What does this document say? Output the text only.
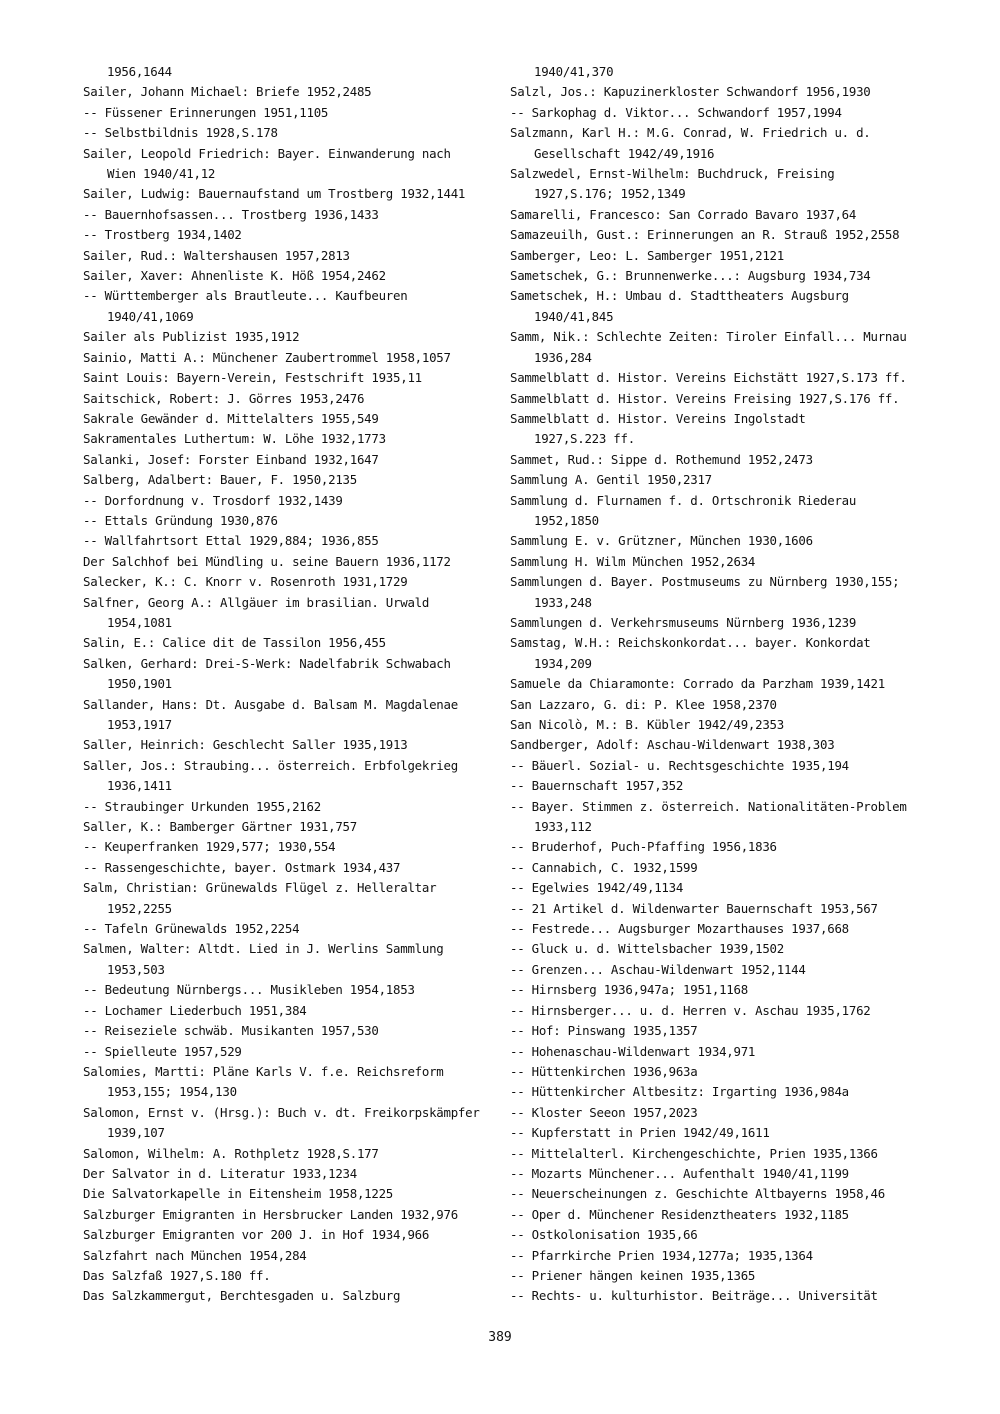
1956,1644
Sailer, Johann Michael: Briefe 1952,2485
-- Füssener Erinnerungen 1951,1105
-- Selbstbildnis 1928,S.178
Sailer, Leopold Friedrich: Bayer. Einwanderung nach
Wien 1940/41,12
Sailer, Ludwig: Bauernaufstand um Trostberg 1932,1441
-- Bauernhofsassen... Trostberg 1936,1433
-- Trostberg 1934,1402
Sailer, Rud.: Waltershausen 1957,2813
Sailer, Xaver: Ahnenliste K. Höß 1954,2462
-- Württemberger als Brautleute... Kaufbeuren
1940/41,1069
Sailer als Publizist 1935,1912
Sainio, Matti A.: Münchener Zaubertrommel 1958,1057
Saint Louis: Bayern-Verein, Festschrift 1935,11
Saitschick, Robert: J. Görres 1953,2476
Sakrale Gewänder d. Mittelalters 1955,549
Sakramentales Luthertum: W. Löhe 1932,1773
Salanki, Josef: Forster Einband 1932,1647
Salberg, Adalbert: Bauer, F. 1950,2135
-- Dorfordnung v. Trosdorf 1932,1439
-- Ettals Gründung 1930,876
-- Wallfahrtsort Ettal 1929,884; 1936,855
Der Salchhof bei Mündling u. seine Bauern 1936,1172
Salecker, K.: C. Knorr v. Rosenroth 1931,1729
Salfner, Georg A.: Allgäuer im brasilian. Urwald
1954,1081
Salin, E.: Calice dit de Tassilon 1956,455
Salken, Gerhard: Drei-S-Werk: Nadelfabrik Schwabach
1950,1901
Sallander, Hans: Dt. Ausgabe d. Balsam M. Magdalenae
1953,1917
Saller, Heinrich: Geschlecht Saller 1935,1913
Saller, Jos.: Straubing... österreich. Erbfolgekrieg
1936,1411
-- Straubinger Urkunden 1955,2162
Saller, K.: Bamberger Gärtner 1931,757
-- Keuperfranken 1929,577; 1930,554
-- Rassengeschichte, bayer. Ostmark 1934,437
Salm, Christian: Grünewalds Flügel z. Helleraltar
1952,2255
-- Tafeln Grünewalds 1952,2254
Salmen, Walter: Altdt. Lied in J. Werlins Sammlung
1953,503
-- Bedeutung Nürnbergs... Musikleben 1954,1853
-- Lochamer Liederbuch 1951,384
-- Reiseziele schwäb. Musikanten 1957,530
-- Spielleute 1957,529
Salomies, Martti: Pläne Karls V. f.e. Reichsreform
1953,155; 1954,130
Salomon, Ernst v. (Hrsg.): Buch v. dt. Freikorpskämpfer
1939,107
Salomon, Wilhelm: A. Rothpletz 1928,S.177
Der Salvator in d. Literatur 1933,1234
Die Salvatorkapelle in Eitensheim 1958,1225
Salzburger Emigranten in Hersbrucker Landen 1932,976
Salzburger Emigranten vor 200 J. in Hof 1934,966
Salzfahrt nach München 1954,284
Das Salzfaß 1927,S.180 ff.
Das Salzkammergut, Berchtesgaden u. Salzburg
1940/41,370
Salzl, Jos.: Kapuzinerkloster Schwandorf 1956,1930
-- Sarkophag d. Viktor... Schwandorf 1957,1994
Salzmann, Karl H.: M.G. Conrad, W. Friedrich u. d.
Gesellschaft 1942/49,1916
Salzwedel, Ernst-Wilhelm: Buchdruck, Freising
1927,S.176; 1952,1349
Samarelli, Francesco: San Corrado Bavaro 1937,64
Samazeuilh, Gust.: Erinnerungen an R. Strauß 1952,2558
Samberger, Leo: L. Samberger 1951,2121
Sametschek, G.: Brunnenwerke...: Augsburg 1934,734
Sametschek, H.: Umbau d. Stadttheaters Augsburg
1940/41,845
Samm, Nik.: Schlechte Zeiten: Tiroler Einfall... Murnau
1936,284
Sammelblatt d. Histor. Vereins Eichstätt 1927,S.173 ff.
Sammelblatt d. Histor. Vereins Freising 1927,S.176 ff.
Sammelblatt d. Histor. Vereins Ingolstadt
1927,S.223 ff.
Sammet, Rud.: Sippe d. Rothemund 1952,2473
Sammlung A. Gentil 1950,2317
Sammlung d. Flurnamen f. d. Ortschronik Riederau
1952,1850
Sammlung E. v. Grützner, München 1930,1606
Sammlung H. Wilm München 1952,2634
Sammlungen d. Bayer. Postmuseums zu Nürnberg 1930,155;
1933,248
Sammlungen d. Verkehrsmuseums Nürnberg 1936,1239
Samstag, W.H.: Reichskonkordat... bayer. Konkordat
1934,209
Samuele da Chiaramonte: Corrado da Parzham 1939,1421
San Lazzaro, G. di: P. Klee 1958,2370
San Nicolò, M.: B. Kübler 1942/49,2353
Sandberger, Adolf: Aschau-Wildenwart 1938,303
-- Bäuerl. Sozial- u. Rechtsgeschichte 1935,194
-- Bauernschaft 1957,352
-- Bayer. Stimmen z. österreich. Nationalitäten-Problem
1933,112
-- Bruderhof, Puch-Pfaffing 1956,1836
-- Cannabich, C. 1932,1599
-- Egelwies 1942/49,1134
-- 21 Artikel d. Wildenwarter Bauernschaft 1953,567
-- Festrede... Augsburger Mozarthauses 1937,668
-- Gluck u. d. Wittelsbacher 1939,1502
-- Grenzen... Aschau-Wildenwart 1952,1144
-- Hirnsberg 1936,947a; 1951,1168
-- Hirnsberger... u. d. Herren v. Aschau 1935,1762
-- Hof: Pinswang 1935,1357
-- Hohenaschau-Wildenwart 1934,971
-- Hüttenkirchen 1936,963a
-- Hüttenkircher Altbesitz: Irgarting 1936,984a
-- Kloster Seeon 1957,2023
-- Kupferstatt in Prien 1942/49,1611
-- Mittelalterl. Kirchengeschichte, Prien 1935,1366
-- Mozarts Münchener... Aufenthalt 1940/41,1199
-- Neuerscheinungen z. Geschichte Altbayerns 1958,46
-- Oper d. Münchener Residenztheaters 1932,1185
-- Ostkolonisation 1935,66
-- Pfarrkirche Prien 1934,1277a; 1935,1364
-- Priener hängen keinen 1935,1365
-- Rechts- u. kulturhistor. Beiträge... Universität
389
